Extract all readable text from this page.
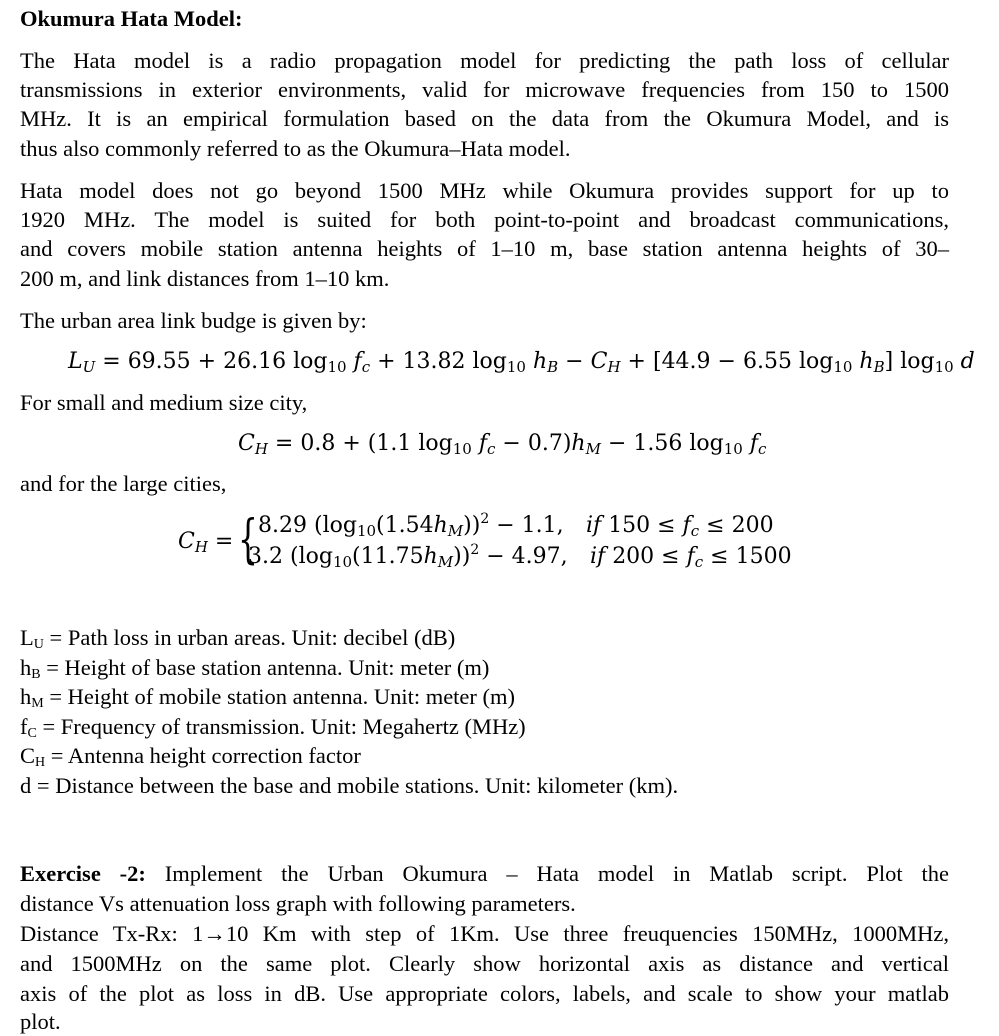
Okumura Hata Model:
The Hata model is a radio propagation model for predicting the path loss of cellular
transmissions in exterior environments, valid for microwave frequencies from 150 to 1500
MHz. It is an empirical formulation based on the data from the Okumura Model, and is
thus also commonly referred to as the Okumura–Hata model.
Hata model does not go beyond 1500 MHz while Okumura provides support for up to
1920 MHz. The model is suited for both point-to-point and broadcast communications,
and covers mobile station antenna heights of 1–10 m, base station antenna heights of 30–
200 m, and link distances from 1–10 km.
The urban area link budge is given by:
$L_U = 69.55 + 26.16$ $\log_{10} f_c + 13.82$ $\log_{10} h_B - C_H + [44.9 - 6.55$ $\log_{10} h_B$] $\log_{10} d$
For small and medium size city,
$C_H = 0.8 + (1.1$ $\log_{10} f_c - 0.7)h_M - 1.56$ $\log_{10} f_c$
and for the large cities,
$C_H$ = { 8.29 $(\log_{10}(1.54h_M))^2 - 1.1$, if $150 \le f_c \le 200$
3.2 $(\log_{10}(11.75h_M))^2 - 4.97$, if $200 \le f_c \le 1500$
LU = Path loss in urban areas. Unit: decibel (dB)
hB = Height of base station antenna. Unit: meter (m)
hM = Height of mobile station antenna. Unit: meter (m)
fC = Frequency of transmission. Unit: Megahertz (MHz)
CH = Antenna height correction factor
d = Distance between the base and mobile stations. Unit: kilometer (km).
Exercise -2: Implement the Urban Okumura – Hata model in Matlab script. Plot the
distance Vs attenuation loss graph with following parameters.
Distance Tx-Rx: 1→10 Km with step of 1Km. Use three freuquencies 150MHz, 1000MHz,
and 1500MHz on the same plot. Clearly show horizontal axis as distance and vertical
axis of the plot as loss in dB. Use appropriate colors, labels, and scale to show your matlab
plot.
